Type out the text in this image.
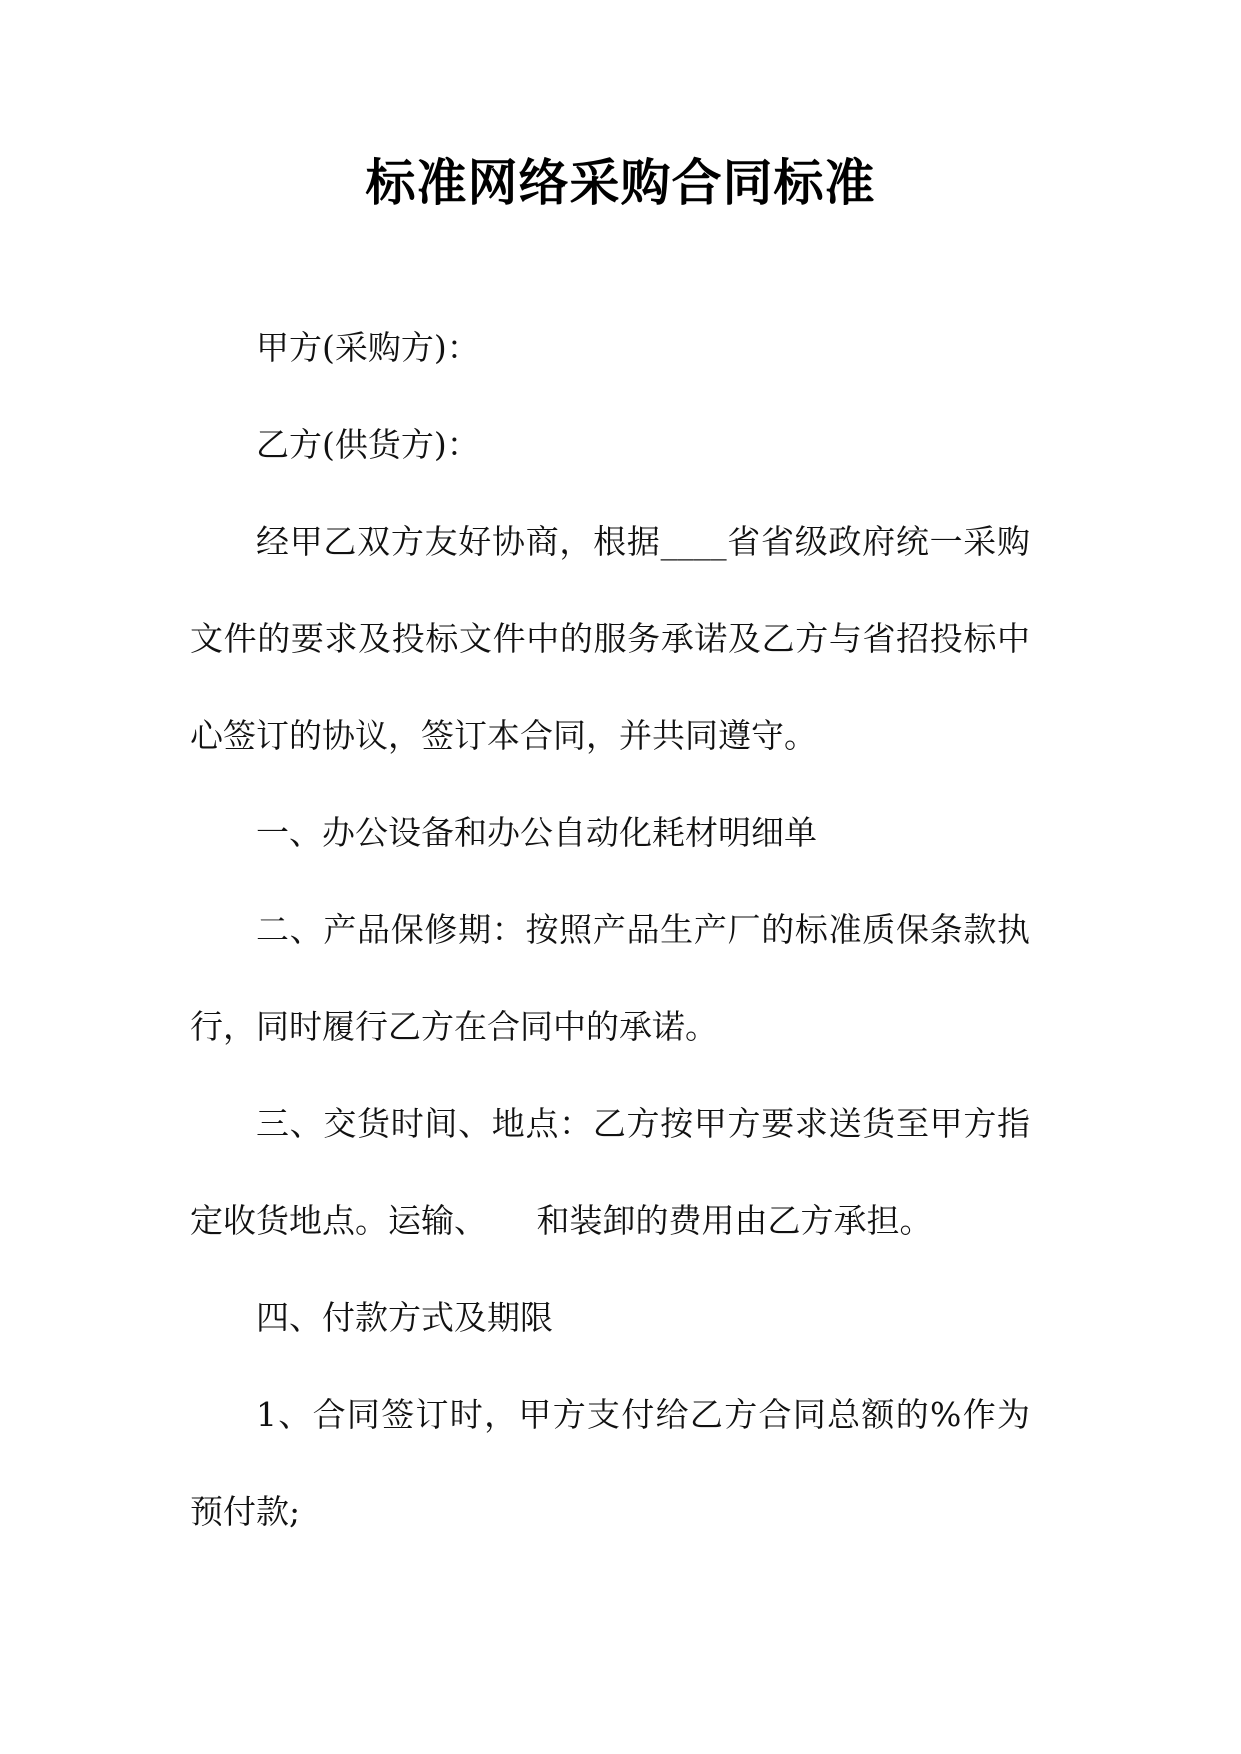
标准网络采购合同标准

甲方(采购方)：

乙方(供货方)：

经甲乙双方友好协商，根据____省省级政府统一采购文件的要求及投标文件中的服务承诺及乙方与省招投标中心签订的协议，签订本合同，并共同遵守。

一、办公设备和办公自动化耗材明细单

二、产品保修期：按照产品生产厂的标准质保条款执行，同时履行乙方在合同中的承诺。

三、交货时间、地点：乙方按甲方要求送货至甲方指定收货地点。运输、　　和装卸的费用由乙方承担。

四、付款方式及期限

1、合同签订时，甲方支付给乙方合同总额的%作为预付款;
